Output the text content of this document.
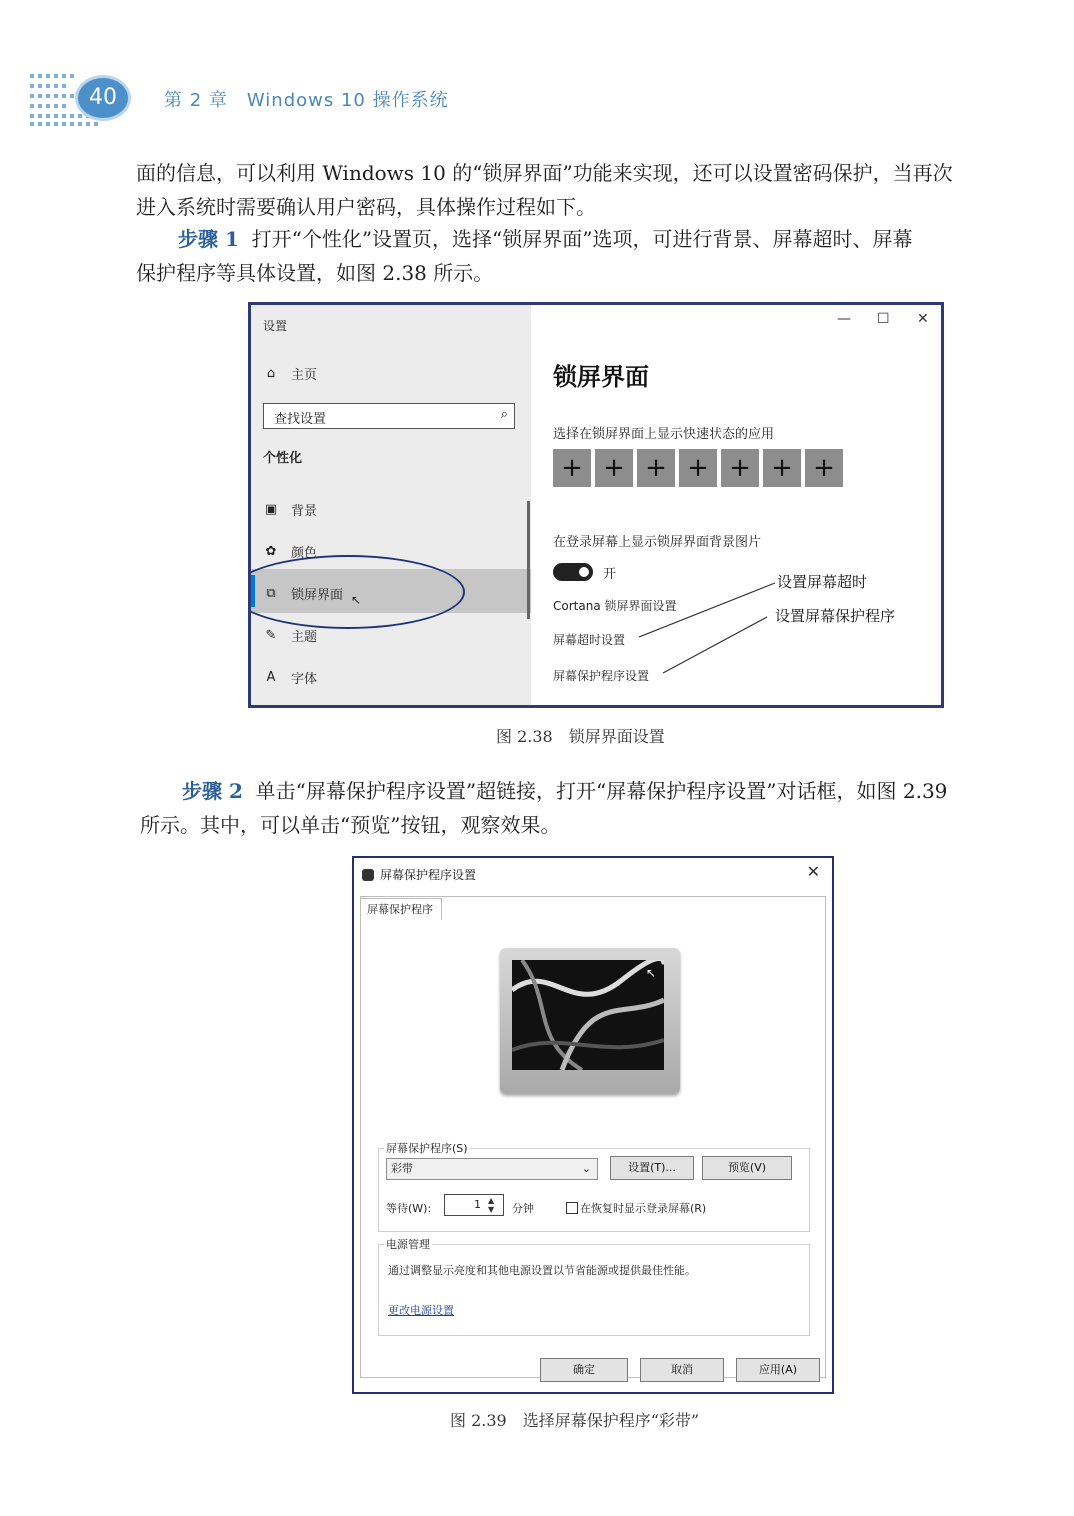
40	第 2 章　Windows 10 操作系统
面的信息，可以利用 Windows 10 的“锁屏界面”功能来实现，还可以设置密码保护，当再次
进入系统时需要确认用户密码，具体操作过程如下。
步骤 1 打开“个性化”设置页，选择“锁屏界面”选项，可进行背景、屏幕超时、屏幕
保护程序等具体设置，如图 2.38 所示。
设置
⌂ 主页
查找设置	⌕
个性化
▣ 背景
✿ 颜色
⧉ 锁屏界面 ↖
✎ 主题
A 字体
— ☐ ✕
锁屏界面
选择在锁屏界面上显示快速状态的应用
+ + + + + + +
在登录屏幕上显示锁屏界面背景图片
开
Cortana 锁屏界面设置
屏幕超时设置
屏幕保护程序设置
设置屏幕超时
设置屏幕保护程序
图 2.38　锁屏界面设置
步骤 2 单击“屏幕保护程序设置”超链接，打开“屏幕保护程序设置”对话框，如图 2.39
所示。其中，可以单击“预览”按钮，观察效果。
屏幕保护程序设置	✕
屏幕保护程序
↖
屏幕保护程序(S)
彩带	⌄	设置(T)...	预览(V)
等待(W):	1 ▲
▼ 分钟	在恢复时显示登录屏幕(R)
电源管理
通过调整显示亮度和其他电源设置以节省能源或提供最佳性能。
更改电源设置
确定	取消	应用(A)
图 2.39　选择屏幕保护程序“彩带”
